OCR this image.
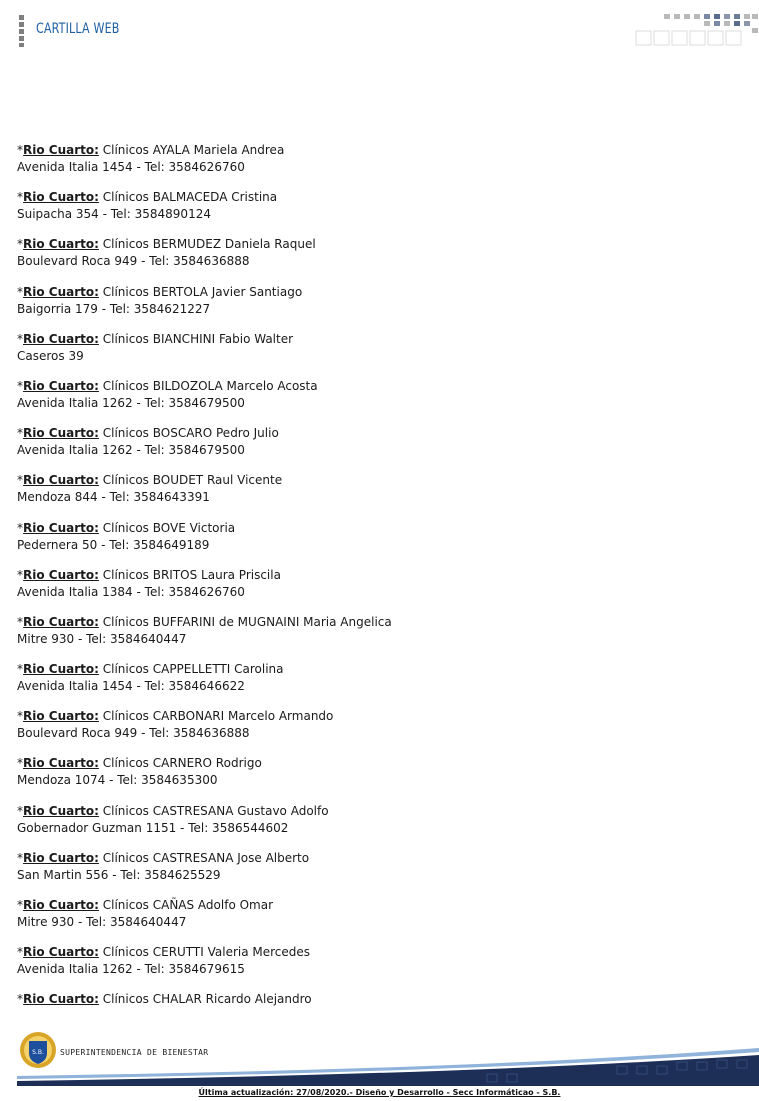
CARTILLA WEB

*Rio Cuarto: Clínicos AYALA Mariela Andrea

Avenida Italia 1454 - Tel: 3584626760

*Rio Cuarto: Clínicos BALMACEDA Cristina

Suipacha 354 - Tel: 3584890124

*Rio Cuarto: Clínicos BERMUDEZ Daniela Raquel

Boulevard Roca 949 - Tel: 3584636888

*Rio Cuarto: Clínicos BERTOLA Javier Santiago

Baigorria 179 - Tel: 3584621227

*Rio Cuarto: Clínicos BIANCHINI Fabio Walter

Caseros 39

*Rio Cuarto: Clínicos BILDOZOLA Marcelo Acosta

Avenida Italia 1262 - Tel: 3584679500

*Rio Cuarto: Clínicos BOSCARO Pedro Julio

Avenida Italia 1262 - Tel: 3584679500

*Rio Cuarto: Clínicos BOUDET Raul Vicente

Mendoza 844 - Tel: 3584643391

*Rio Cuarto: Clínicos BOVE Victoria

Pedernera 50 - Tel: 3584649189

*Rio Cuarto: Clínicos BRITOS Laura Priscila

Avenida Italia 1384 - Tel: 3584626760

*Rio Cuarto: Clínicos BUFFARINI de MUGNAINI Maria Angelica

Mitre 930 - Tel: 3584640447

*Rio Cuarto: Clínicos CAPPELLETTI Carolina

Avenida Italia 1454 - Tel: 3584646622

*Rio Cuarto: Clínicos CARBONARI Marcelo Armando

Boulevard Roca 949 - Tel: 3584636888

*Rio Cuarto: Clínicos CARNERO Rodrigo

Mendoza 1074 - Tel: 3584635300

*Rio Cuarto: Clínicos CASTRESANA Gustavo Adolfo

Gobernador Guzman 1151 - Tel: 3586544602

*Rio Cuarto: Clínicos CASTRESANA Jose Alberto

San Martin 556 - Tel: 3584625529

*Rio Cuarto: Clínicos CAÑAS Adolfo Omar

Mitre 930 - Tel: 3584640447

*Rio Cuarto: Clínicos CERUTTI Valeria Mercedes

Avenida Italia 1262 - Tel: 3584679615

*Rio Cuarto: Clínicos CHALAR Ricardo Alejandro

S.B. SUPERINTENDENCIA DE BIENESTAR
Última actualización: 27/08/2020.- Diseño y Desarrollo - Secc Informáticao - S.B.
